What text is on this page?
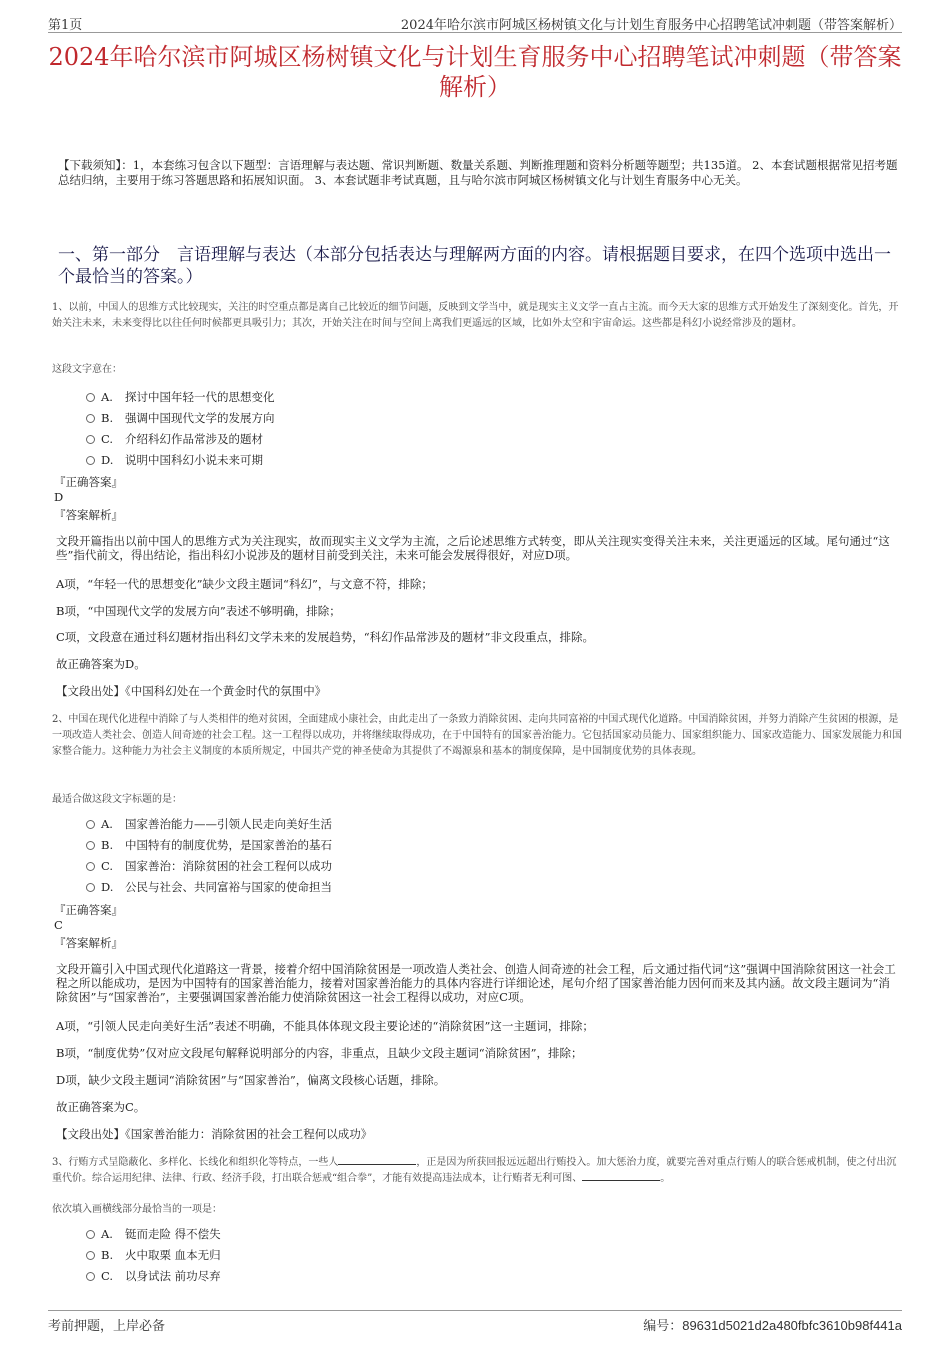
第1页	2024年哈尔滨市阿城区杨树镇文化与计划生育服务中心招聘笔试冲刺题（带答案解析）
2024年哈尔滨市阿城区杨树镇文化与计划生育服务中心招聘笔试冲刺题（带答案解析）
【下载须知】：1，本套练习包含以下题型：言语理解与表达题、常识判断题、数量关系题、判断推理题和资料分析题等题型；共135道。 2、本套试题根据常见招考题总结归纳，主要用于练习答题思路和拓展知识面。 3、本套试题非考试真题，且与哈尔滨市阿城区杨树镇文化与计划生育服务中心无关。
一、第一部分　言语理解与表达（本部分包括表达与理解两方面的内容。请根据题目要求，在四个选项中选出一个最恰当的答案。）
1、以前，中国人的思维方式比较现实，关注的时空重点都是离自己比较近的细节问题，反映到文学当中，就是现实主义文学一直占主流。而今天大家的思维方式开始发生了深刻变化。首先，开始关注未来，未来变得比以往任何时候都更具吸引力；其次，开始关注在时间与空间上离我们更遥远的区域，比如外太空和宇宙命运。这些都是科幻小说经常涉及的题材。
这段文字意在：
A. 探讨中国年轻一代的思想变化
B. 强调中国现代文学的发展方向
C. 介绍科幻作品常涉及的题材
D. 说明中国科幻小说未来可期
『正确答案』
D
『答案解析』
文段开篇指出以前中国人的思维方式为关注现实，故而现实主义文学为主流，之后论述思维方式转变，即从关注现实变得关注未来，关注更遥远的区域。尾句通过“这些”指代前文，得出结论，指出科幻小说涉及的题材目前受到关注，未来可能会发展得很好，对应D项。
A项，“年轻一代的思想变化”缺少文段主题词“科幻”，与文意不符，排除；
B项，“中国现代文学的发展方向”表述不够明确，排除；
C项，文段意在通过科幻题材指出科幻文学未来的发展趋势，“科幻作品常涉及的题材”非文段重点，排除。
故正确答案为D。
【文段出处】《中国科幻处在一个黄金时代的氛围中》
2、中国在现代化进程中消除了与人类相伴的绝对贫困，全面建成小康社会，由此走出了一条致力消除贫困、走向共同富裕的中国式现代化道路。中国消除贫困，并努力消除产生贫困的根源，是一项改造人类社会、创造人间奇迹的社会工程。这一工程得以成功，并将继续取得成功，在于中国特有的国家善治能力。它包括国家动员能力、国家组织能力、国家改造能力、国家发展能力和国家整合能力。这种能力为社会主义制度的本质所规定，中国共产党的神圣使命为其提供了不竭源泉和基本的制度保障，是中国制度优势的具体表现。
最适合做这段文字标题的是：
A. 国家善治能力——引领人民走向美好生活
B. 中国特有的制度优势，是国家善治的基石
C. 国家善治：消除贫困的社会工程何以成功
D. 公民与社会、共同富裕与国家的使命担当
『正确答案』
C
『答案解析』
文段开篇引入中国式现代化道路这一背景，接着介绍中国消除贫困是一项改造人类社会、创造人间奇迹的社会工程，后文通过指代词“这”强调中国消除贫困这一社会工程之所以能成功，是因为中国特有的国家善治能力，接着对国家善治能力的具体内容进行详细论述，尾句介绍了国家善治能力因何而来及其内涵。故文段主题词为“消除贫困”与“国家善治”，主要强调国家善治能力使消除贫困这一社会工程得以成功，对应C项。
A项，“引领人民走向美好生活”表述不明确，不能具体体现文段主要论述的“消除贫困”这一主题词，排除；
B项，“制度优势”仅对应文段尾句解释说明部分的内容，非重点，且缺少文段主题词“消除贫困”，排除；
D项，缺少文段主题词“消除贫困”与“国家善治”，偏离文段核心话题，排除。
故正确答案为C。
【文段出处】《国家善治能力：消除贫困的社会工程何以成功》
3、行贿方式呈隐蔽化、多样化、长线化和组织化等特点，一些人	，正是因为所获回报远远超出行贿投入。加大惩治力度，就要完善对重点行贿人的联合惩戒机制，使之付出沉重代价。综合运用纪律、法律、行政、经济手段，打出联合惩戒“组合拳”，才能有效提高违法成本，让行贿者无利可图、	。
依次填入画横线部分最恰当的一项是：
A. 铤而走险 得不偿失
B. 火中取栗 血本无归
C. 以身试法 前功尽弃
考前押题，上岸必备	编号：89631d5021d2a480fbfc3610b98f441a
